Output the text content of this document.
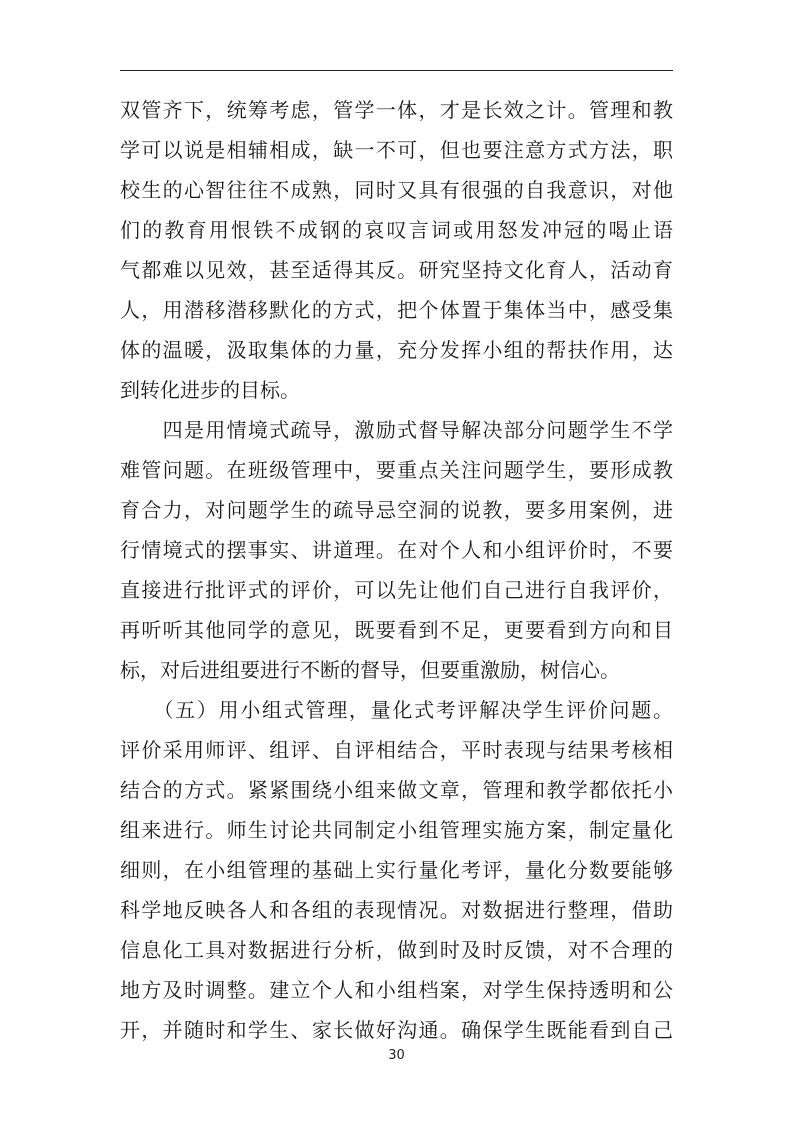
双管齐下，统筹考虑，管学一体，才是长效之计。管理和教
学可以说是相辅相成，缺一不可，但也要注意方式方法，职
校生的心智往往不成熟，同时又具有很强的自我意识，对他
们的教育用恨铁不成钢的哀叹言词或用怒发冲冠的喝止语
气都难以见效，甚至适得其反。研究坚持文化育人，活动育
人，用潜移潜移默化的方式，把个体置于集体当中，感受集
体的温暖，汲取集体的力量，充分发挥小组的帮扶作用，达
到转化进步的目标。
　　四是用情境式疏导，激励式督导解决部分问题学生不学
难管问题。在班级管理中，要重点关注问题学生，要形成教
育合力，对问题学生的疏导忌空洞的说教，要多用案例，进
行情境式的摆事实、讲道理。在对个人和小组评价时，不要
直接进行批评式的评价，可以先让他们自己进行自我评价，
再听听其他同学的意见，既要看到不足，更要看到方向和目
标，对后进组要进行不断的督导，但要重激励，树信心。
　　（五）用小组式管理，量化式考评解决学生评价问题。
评价采用师评、组评、自评相结合，平时表现与结果考核相
结合的方式。紧紧围绕小组来做文章，管理和教学都依托小
组来进行。师生讨论共同制定小组管理实施方案，制定量化
细则，在小组管理的基础上实行量化考评，量化分数要能够
科学地反映各人和各组的表现情况。对数据进行整理，借助
信息化工具对数据进行分析，做到时及时反馈，对不合理的
地方及时调整。建立个人和小组档案，对学生保持透明和公
开，并随时和学生、家长做好沟通。确保学生既能看到自己
30
